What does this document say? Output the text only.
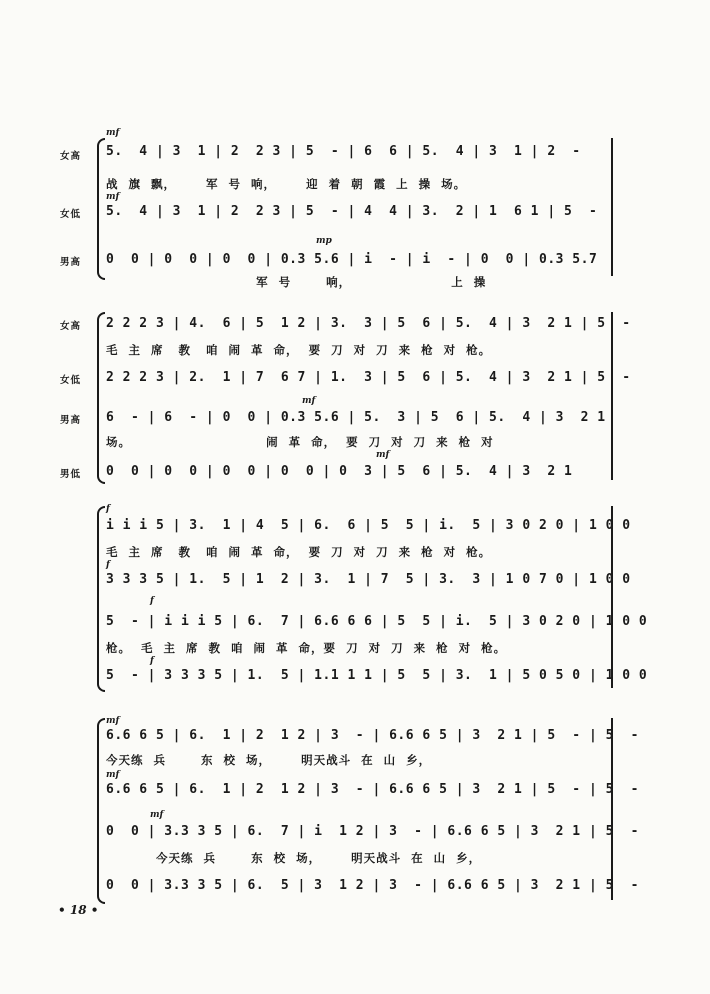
女高
mf
5.  4 | 3  1 | 2  2 3 | 5  - | 6  6 | 5.  4 | 3  1 | 2  -
战  旗  飘，      军  号  响，      迎  着  朝  霞  上  操  场。
女低
mf
5.  4 | 3  1 | 2  2 3 | 5  - | 4  4 | 3.  2 | 1  6 1 | 5  -
男高
mp
0  0 | 0  0 | 0  0 | 0.3 5.6 | i  - | i  - | 0  0 | 0.3 5.7
军  号       响，                    上  操
女高 2 2 2 3 | 4.  6 | 5  1 2 | 3.  3 | 5  6 | 5.  4 | 3  2 1 | 5  -
毛  主  席   教   咱  闹  革  命，  要  刀  对  刀  来  枪  对  枪。
女低 2 2 2 3 | 2.  1 | 7  6 7 | 1.  3 | 5  6 | 5.  4 | 3  2 1 | 5  -
男高
mf
6  - | 6  - | 0  0 | 0.3 5.6 | 5.  3 | 5  6 | 5.  4 | 3  2 1
场。                           闹  革  命，  要  刀  对  刀  来  枪  对
男低
mf
0  0 | 0  0 | 0  0 | 0  0 | 0  3 | 5  6 | 5.  4 | 3  2 1
f
i i i 5 | 3.  1 | 4  5 | 6.  6 | 5  5 | i.  5 | 3 0 2 0 | 1 0 0
毛  主  席   教   咱  闹  革  命，  要  刀  对  刀  来  枪  对  枪。
f
3 3 3 5 | 1.  5 | 1  2 | 3.  1 | 7  5 | 3.  3 | 1 0 7 0 | 1 0 0
f
5  - | i i i 5 | 6.  7 | 6.6 6 6 | 5  5 | i.  5 | 3 0 2 0 | 1 0 0
枪。  毛  主  席  教  咱  闹  革  命，要  刀  对  刀  来  枪  对  枪。
f
5  - | 3 3 3 5 | 1.  5 | 1.1 1 1 | 5  5 | 3.  1 | 5 0 5 0 | 1 0 0
mf
6.6 6 5 | 6.  1 | 2  1 2 | 3  - | 6.6 6 5 | 3  2 1 | 5  - | 5  -
今天练  兵       东  校  场，      明天战斗  在  山  乡，
mf
6.6 6 5 | 6.  1 | 2  1 2 | 3  - | 6.6 6 5 | 3  2 1 | 5  - | 5  -
mf
0  0 | 3.3 3 5 | 6.  7 | i  1 2 | 3  - | 6.6 6 5 | 3  2 1 | 5  -
今天练  兵       东  校  场，      明天战斗  在  山  乡，
0  0 | 3.3 3 5 | 6.  5 | 3  1 2 | 3  - | 6.6 6 5 | 3  2 1 | 5  -
• 18 •
